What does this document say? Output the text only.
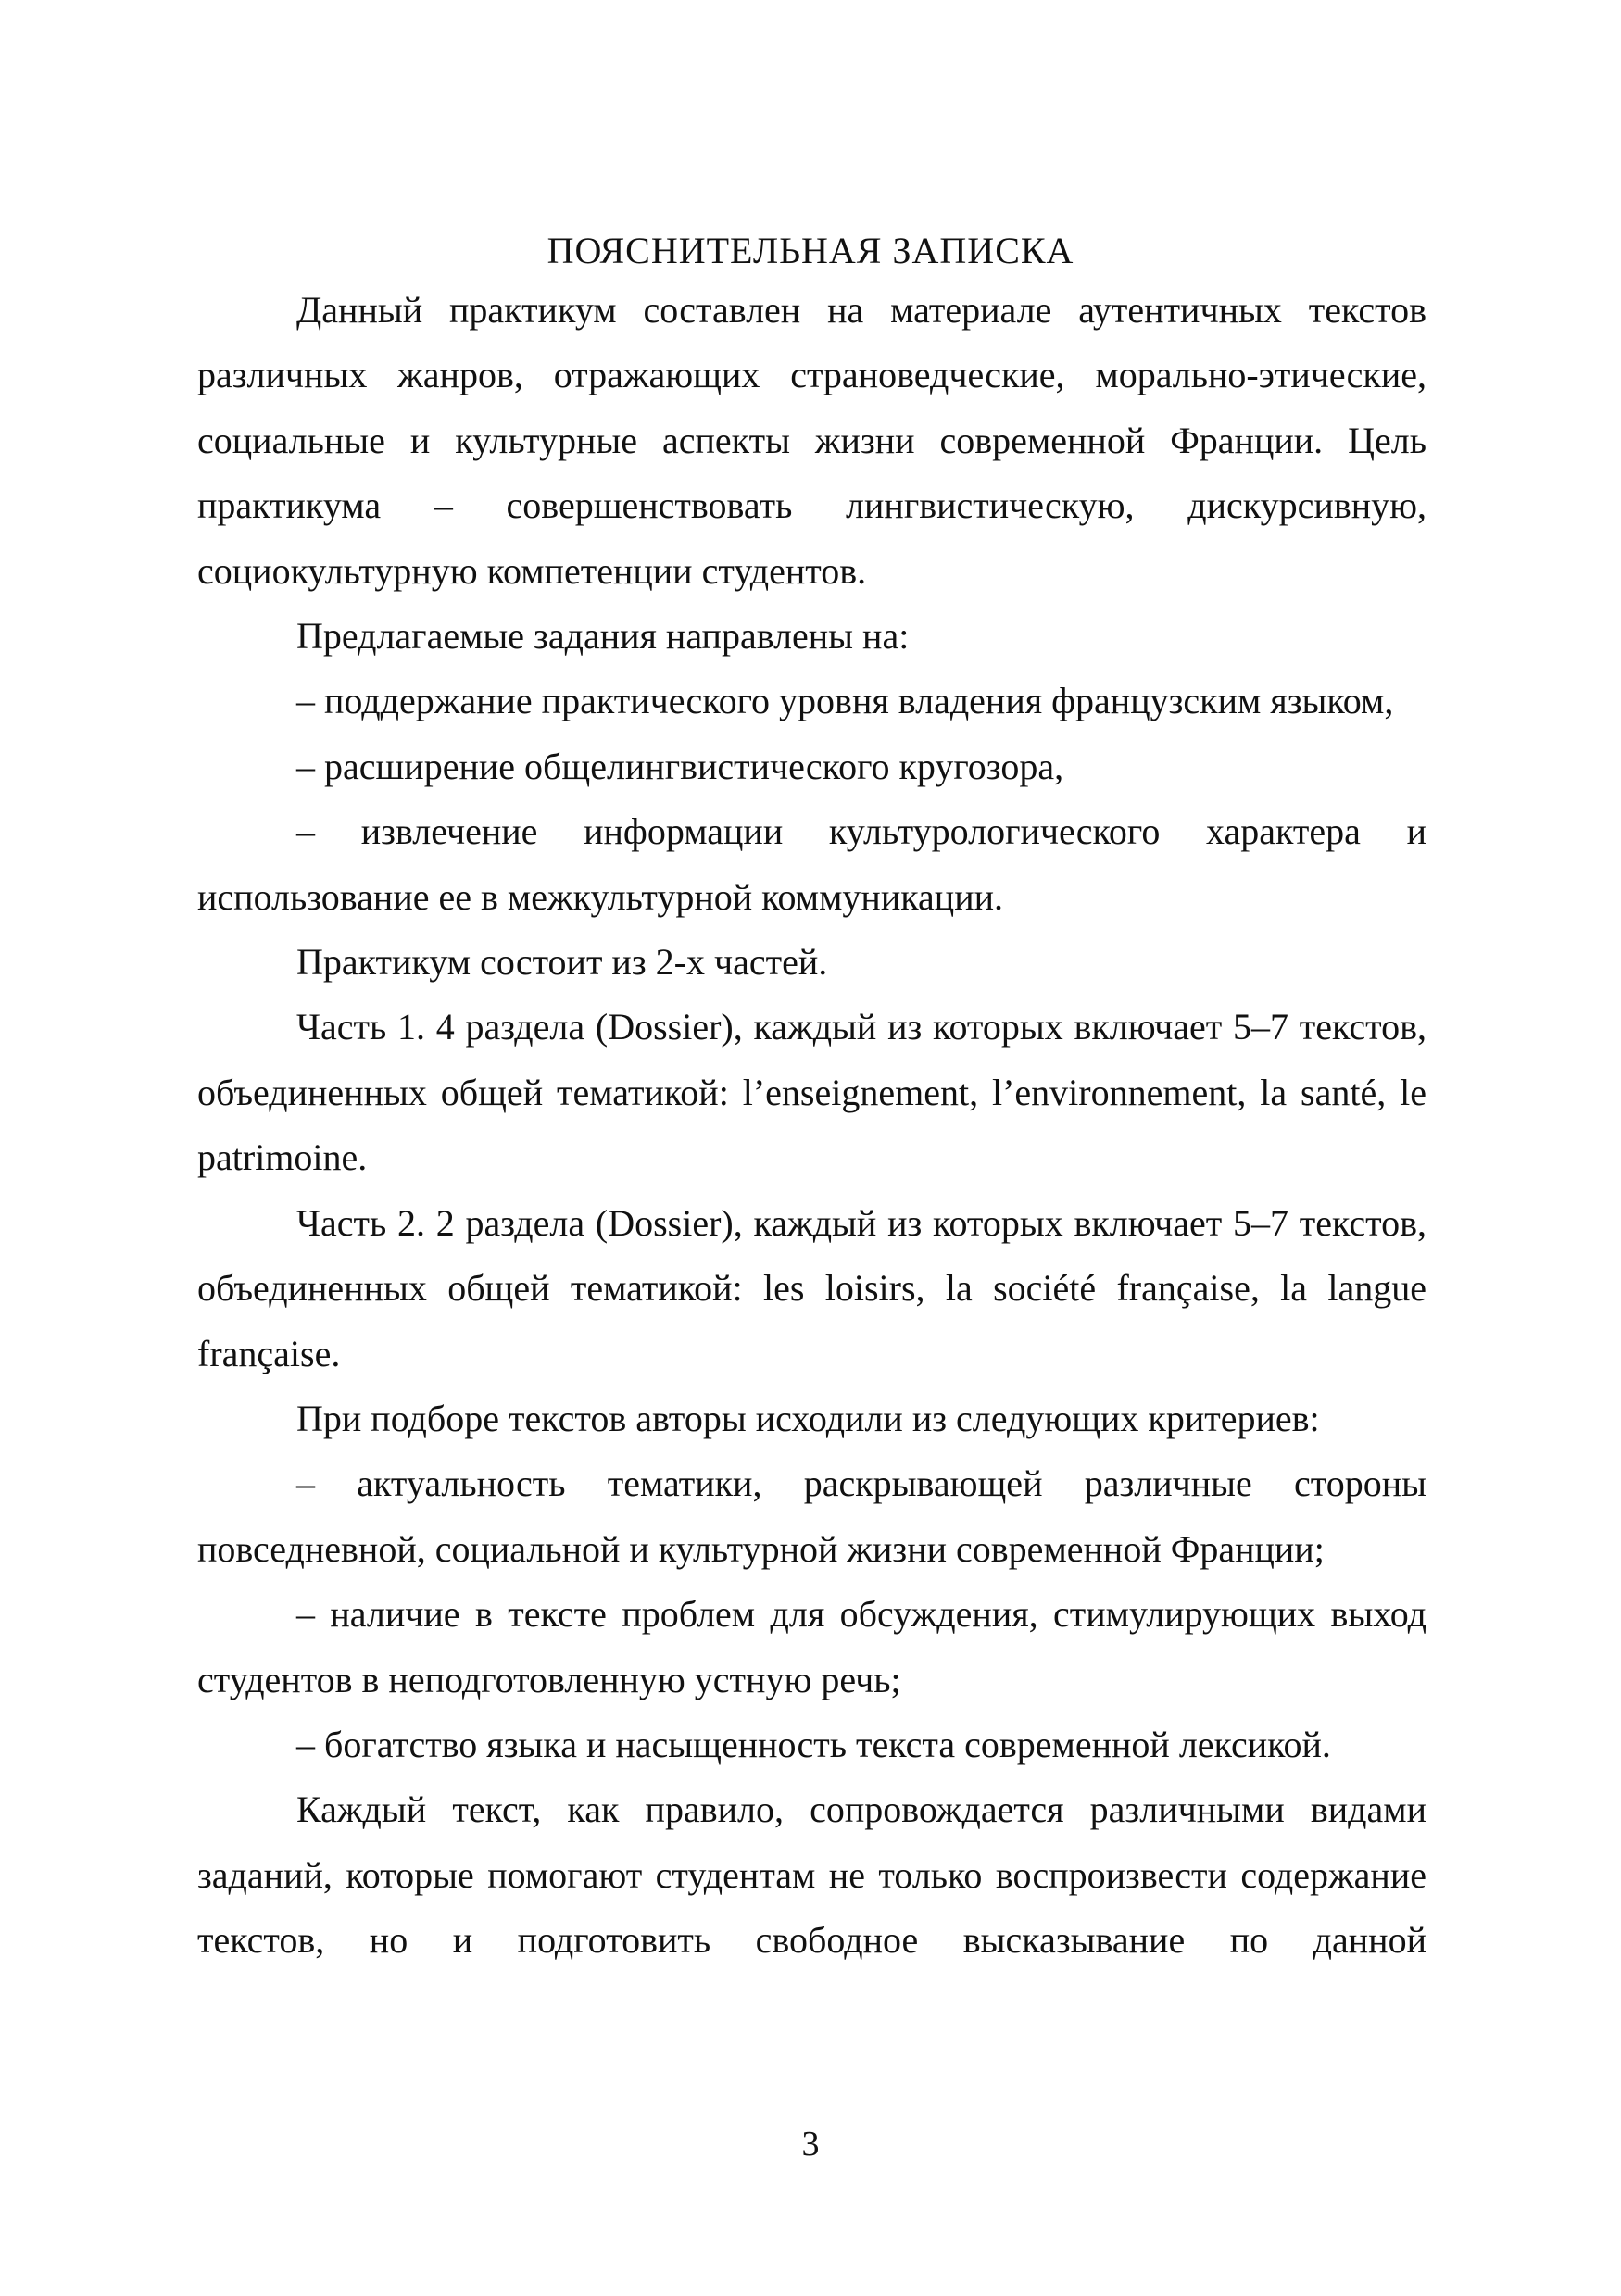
ПОЯСНИТЕЛЬНАЯ ЗАПИСКА

Данный практикум составлен на материале аутентичных текстов различных жанров, отражающих страноведческие, морально-этические, социальные и культурные аспекты жизни современной Франции. Цель практикума – совершенствовать лингвистическую, дискурсивную, социокультурную компетенции студентов.

Предлагаемые задания направлены на:

– поддержание практического уровня владения французским языком,

– расширение общелингвистического кругозора,

– извлечение информации культурологического характера и использование ее в межкультурной коммуникации.

Практикум состоит из 2-х частей.

Часть 1. 4 раздела (Dossier), каждый из которых включает 5–7 текстов, объединенных общей тематикой: l’enseignement, l’environnement, la santé, le patrimoine.

Часть 2. 2 раздела (Dossier), каждый из которых включает 5–7 текстов, объединенных общей тематикой: les loisirs, la société française, la langue française.

При подборе текстов авторы исходили из следующих критериев:

– актуальность тематики, раскрывающей различные стороны повседневной, социальной и культурной жизни современной Франции;

– наличие в тексте проблем для обсуждения, стимулирующих выход студентов в неподготовленную устную речь;

– богатство языка и насыщенность текста современной лексикой.

Каждый текст, как правило, сопровождается различными видами заданий, которые помогают студентам не только воспроизвести содержание текстов, но и подготовить свободное высказывание по данной

3
